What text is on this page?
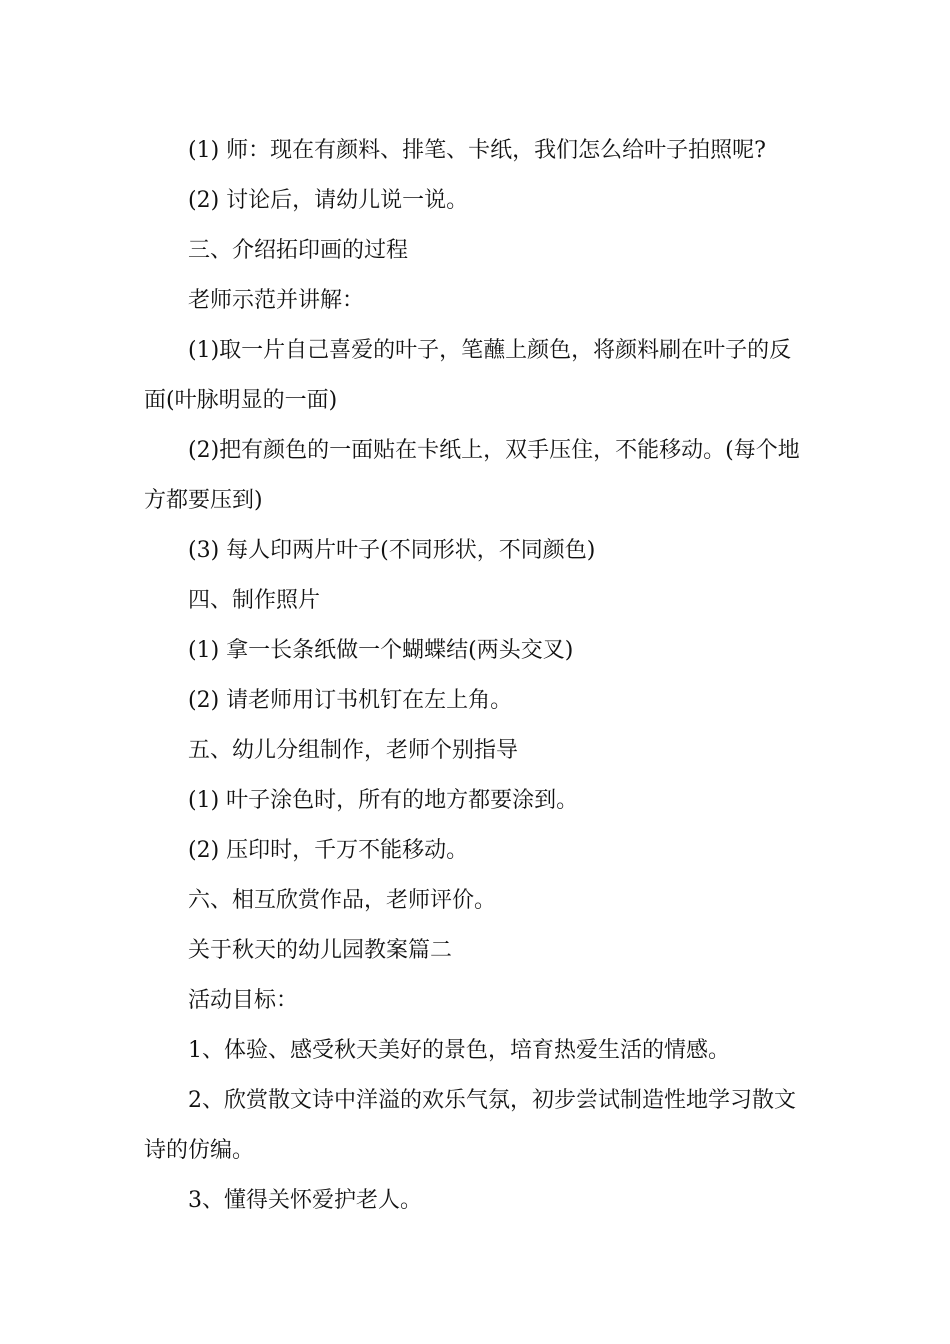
(1) 师：现在有颜料、排笔、卡纸，我们怎么给叶子拍照呢?

(2) 讨论后，请幼儿说一说。

三、介绍拓印画的过程

老师示范并讲解：

(1)取一片自己喜爱的叶子，笔蘸上颜色，将颜料刷在叶子的反面(叶脉明显的一面)

(2)把有颜色的一面贴在卡纸上，双手压住，不能移动。(每个地方都要压到)

(3) 每人印两片叶子(不同形状，不同颜色)

四、制作照片

(1) 拿一长条纸做一个蝴蝶结(两头交叉)

(2) 请老师用订书机钉在左上角。

五、幼儿分组制作，老师个别指导

(1) 叶子涂色时，所有的地方都要涂到。

(2) 压印时，千万不能移动。

六、相互欣赏作品，老师评价。

关于秋天的幼儿园教案篇二

活动目标：

1、体验、感受秋天美好的景色，培育热爱生活的情感。

2、欣赏散文诗中洋溢的欢乐气氛，初步尝试制造性地学习散文诗的仿编。

3、懂得关怀爱护老人。
